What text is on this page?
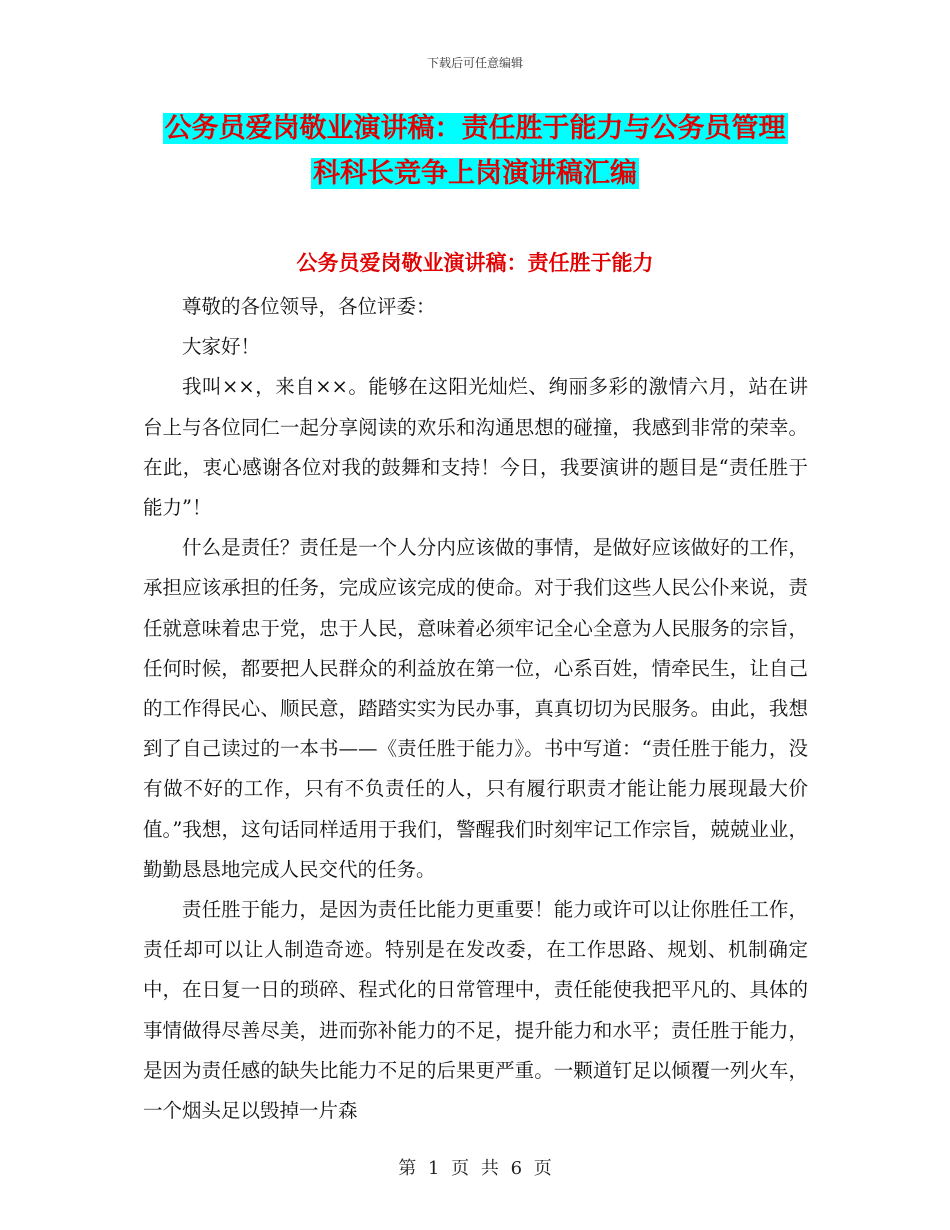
下载后可任意编辑
公务员爱岗敬业演讲稿：责任胜于能力与公务员管理
科科长竞争上岗演讲稿汇编
公务员爱岗敬业演讲稿：责任胜于能力

尊敬的各位领导，各位评委：

大家好！

我叫××，来自××。能够在这阳光灿烂、绚丽多彩的激情六月，站在讲台上与各位同仁一起分享阅读的欢乐和沟通思想的碰撞，我感到非常的荣幸。在此，衷心感谢各位对我的鼓舞和支持！今日，我要演讲的题目是“责任胜于能力”！

什么是责任？责任是一个人分内应该做的事情，是做好应该做好的工作，承担应该承担的任务，完成应该完成的使命。对于我们这些人民公仆来说，责任就意味着忠于党，忠于人民，意味着必须牢记全心全意为人民服务的宗旨，任何时候，都要把人民群众的利益放在第一位，心系百姓，情牵民生，让自己的工作得民心、顺民意，踏踏实实为民办事，真真切切为民服务。由此，我想到了自己读过的一本书——《责任胜于能力》。书中写道：“责任胜于能力，没有做不好的工作，只有不负责任的人，只有履行职责才能让能力展现最大价值。”我想，这句话同样适用于我们，警醒我们时刻牢记工作宗旨，兢兢业业，勤勤恳恳地完成人民交代的任务。

责任胜于能力，是因为责任比能力更重要！能力或许可以让你胜任工作，责任却可以让人制造奇迹。特别是在发改委，在工作思路、规划、机制确定中，在日复一日的琐碎、程式化的日常管理中，责任能使我把平凡的、具体的事情做得尽善尽美，进而弥补能力的不足，提升能力和水平；责任胜于能力，是因为责任感的缺失比能力不足的后果更严重。一颗道钉足以倾覆一列火车，一个烟头足以毁掉一片森

第 1 页 共 6 页
